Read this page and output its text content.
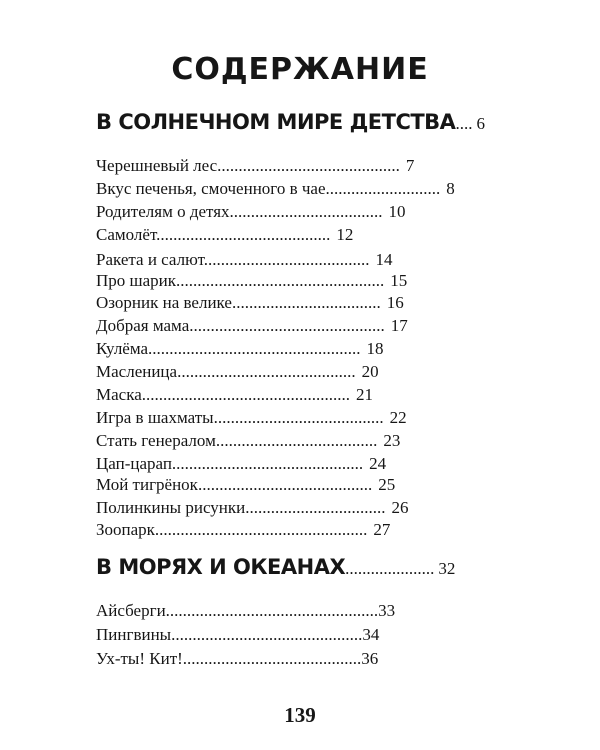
СОДЕРЖАНИЕ
В СОЛНЕЧНОМ МИРЕ ДЕТСТВА.... 6
Черешневый лес........................................... 7
Вкус печенья, смоченного в чае........................... 8
Родителям о детях.................................... 10
Самолёт......................................... 12
Ракета и салют....................................... 14
Про шарик................................................. 15
Озорник на велике................................... 16
Добрая мама.............................................. 17
Кулёма.................................................. 18
Масленица.......................................... 20
Маска................................................. 21
Игра в шахматы........................................ 22
Стать генералом...................................... 23
Цап-царап............................................. 24
Мой тигрёнок......................................... 25
Полинкины рисунки................................. 26
Зоопарк.................................................. 27
В МОРЯХ И ОКЕАНАХ..................... 32
Айсберги..................................................33
Пингвины.............................................34
Ух-ты! Кит!..........................................36
139
